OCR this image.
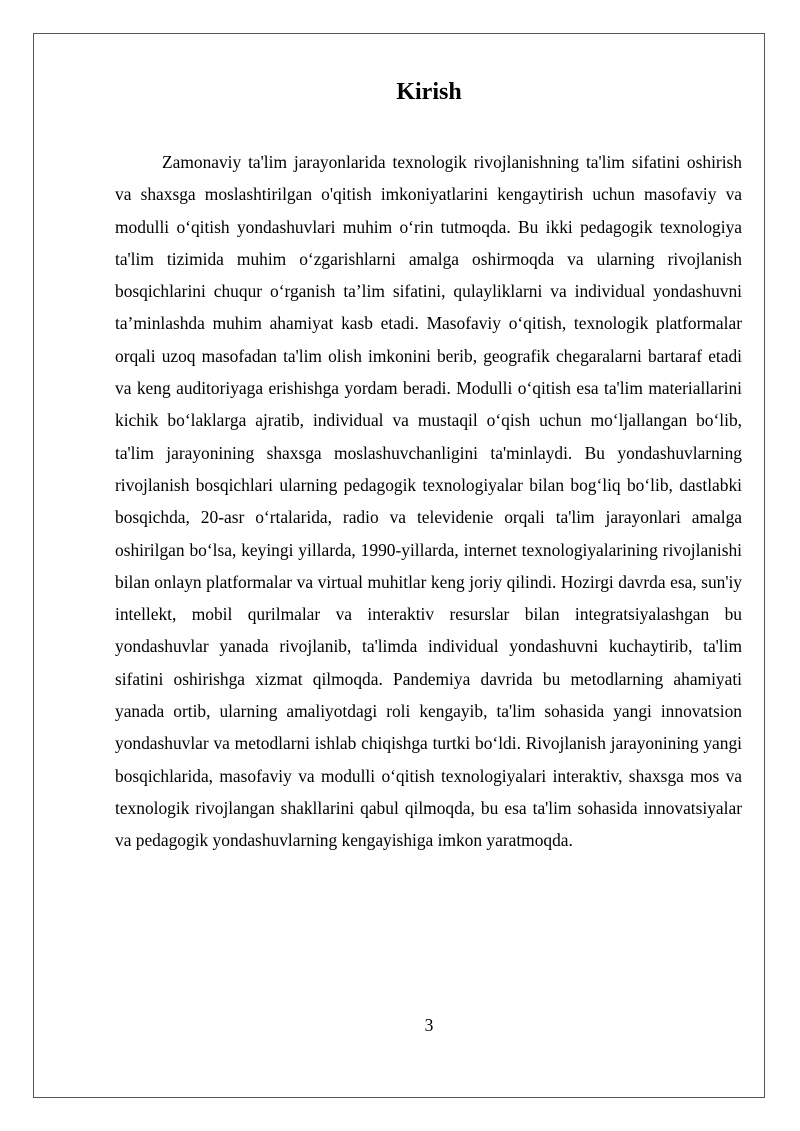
Kirish

Zamonaviy ta'lim jarayonlarida texnologik rivojlanishning ta'lim sifatini oshirish va shaxsga moslashtirilgan o'qitish imkoniyatlarini kengaytirish uchun masofaviy va modulli o‘qitish yondashuvlari muhim o‘rin tutmoqda. Bu ikki pedagogik texnologiya ta'lim tizimida muhim o‘zgarishlarni amalga oshirmoqda va ularning rivojlanish bosqichlarini chuqur o‘rganish ta’lim sifatini, qulayliklarni va individual yondashuvni ta’minlashda muhim ahamiyat kasb etadi. Masofaviy o‘qitish, texnologik platformalar orqali uzoq masofadan ta'lim olish imkonini berib, geografik chegaralarni bartaraf etadi va keng auditoriyaga erishishga yordam beradi. Modulli o‘qitish esa ta'lim materiallarini kichik bo‘laklarga ajratib, individual va mustaqil o‘qish uchun mo‘ljallangan bo‘lib, ta'lim jarayonining shaxsga moslashuvchanligini ta'minlaydi. Bu yondashuvlarning rivojlanish bosqichlari ularning pedagogik texnologiyalar bilan bog‘liq bo‘lib, dastlabki bosqichda, 20-asr o‘rtalarida, radio va televidenie orqali ta'lim jarayonlari amalga oshirilgan bo‘lsa, keyingi yillarda, 1990-yillarda, internet texnologiyalarining rivojlanishi bilan onlayn platformalar va virtual muhitlar keng joriy qilindi. Hozirgi davrda esa, sun'iy intellekt, mobil qurilmalar va interaktiv resurslar bilan integratsiyalashgan bu yondashuvlar yanada rivojlanib, ta'limda individual yondashuvni kuchaytirib, ta'lim sifatini oshirishga xizmat qilmoqda. Pandemiya davrida bu metodlarning ahamiyati yanada ortib, ularning amaliyotdagi roli kengayib, ta'lim sohasida yangi innovatsion yondashuvlar va metodlarni ishlab chiqishga turtki bo‘ldi. Rivojlanish jarayonining yangi bosqichlarida, masofaviy va modulli o‘qitish texnologiyalari interaktiv, shaxsga mos va texnologik rivojlangan shakllarini qabul qilmoqda, bu esa ta'lim sohasida innovatsiyalar va pedagogik yondashuvlarning kengayishiga imkon yaratmoqda.

3
